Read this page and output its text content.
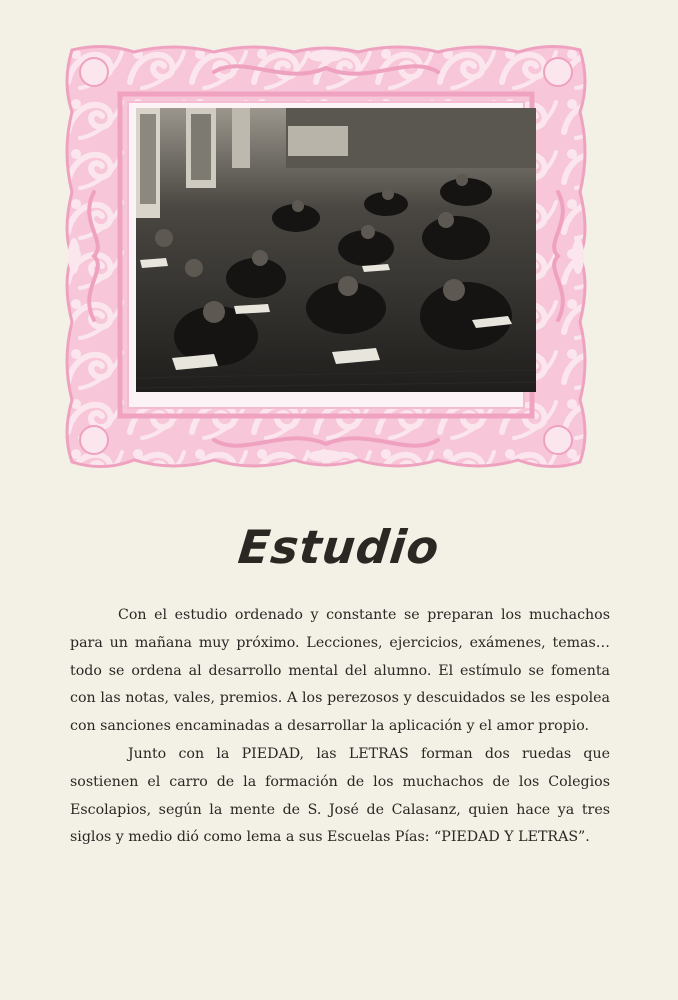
Estudio

Con el estudio ordenado y constante se preparan los muchachos para un mañana muy próximo. Lecciones, ejercicios, exámenes, temas… todo se ordena al desarrollo mental del alumno. El estímulo se fomenta con las notas, vales, premios. A los perezosos y descuidados se les espolea con sanciones encaminadas a desarrollar la aplicación y el amor propio.

Junto con la PIEDAD, las LETRAS forman dos ruedas que sostienen el carro de la formación de los muchachos de los Colegios Escolapios, según la mente de S. José de Calasanz, quien hace ya tres siglos y medio dió como lema a sus Escuelas Pías: “PIEDAD Y LETRAS”.
